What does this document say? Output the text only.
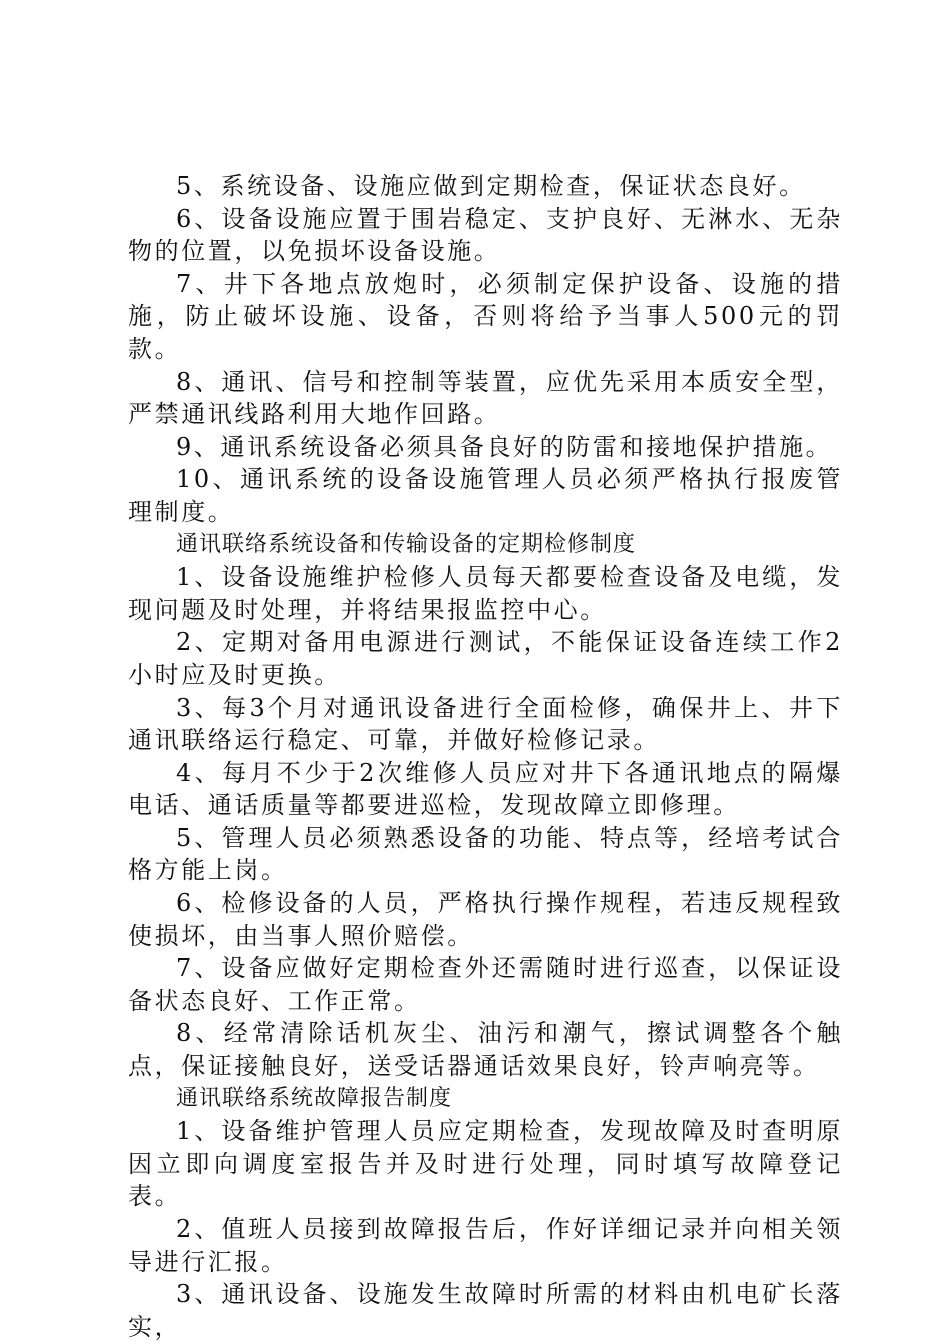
5、系统设备、设施应做到定期检查，保证状态良好。

6、设备设施应置于围岩稳定、支护良好、无淋水、无杂物的位置，以免损坏设备设施。

7、井下各地点放炮时，必须制定保护设备、设施的措施，防止破坏设施、设备，否则将给予当事人500元的罚款。

8、通讯、信号和控制等装置，应优先采用本质安全型，严禁通讯线路利用大地作回路。

9、通讯系统设备必须具备良好的防雷和接地保护措施。

10、通讯系统的设备设施管理人员必须严格执行报废管理制度。

通讯联络系统设备和传输设备的定期检修制度

1、设备设施维护检修人员每天都要检查设备及电缆，发现问题及时处理，并将结果报监控中心。

2、定期对备用电源进行测试，不能保证设备连续工作2小时应及时更换。

3、每3个月对通讯设备进行全面检修，确保井上、井下通讯联络运行稳定、可靠，并做好检修记录。

4、每月不少于2次维修人员应对井下各通讯地点的隔爆电话、通话质量等都要进巡检，发现故障立即修理。

5、管理人员必须熟悉设备的功能、特点等，经培考试合格方能上岗。

6、检修设备的人员，严格执行操作规程，若违反规程致使损坏，由当事人照价赔偿。

7、设备应做好定期检查外还需随时进行巡查，以保证设备状态良好、工作正常。

8、经常清除话机灰尘、油污和潮气，擦试调整各个触点，保证接触良好，送受话器通话效果良好，铃声响亮等。

通讯联络系统故障报告制度

1、设备维护管理人员应定期检查，发现故障及时查明原因立即向调度室报告并及时进行处理，同时填写故障登记表。

2、值班人员接到故障报告后，作好详细记录并向相关领导进行汇报。

3、通讯设备、设施发生故障时所需的材料由机电矿长落实，
